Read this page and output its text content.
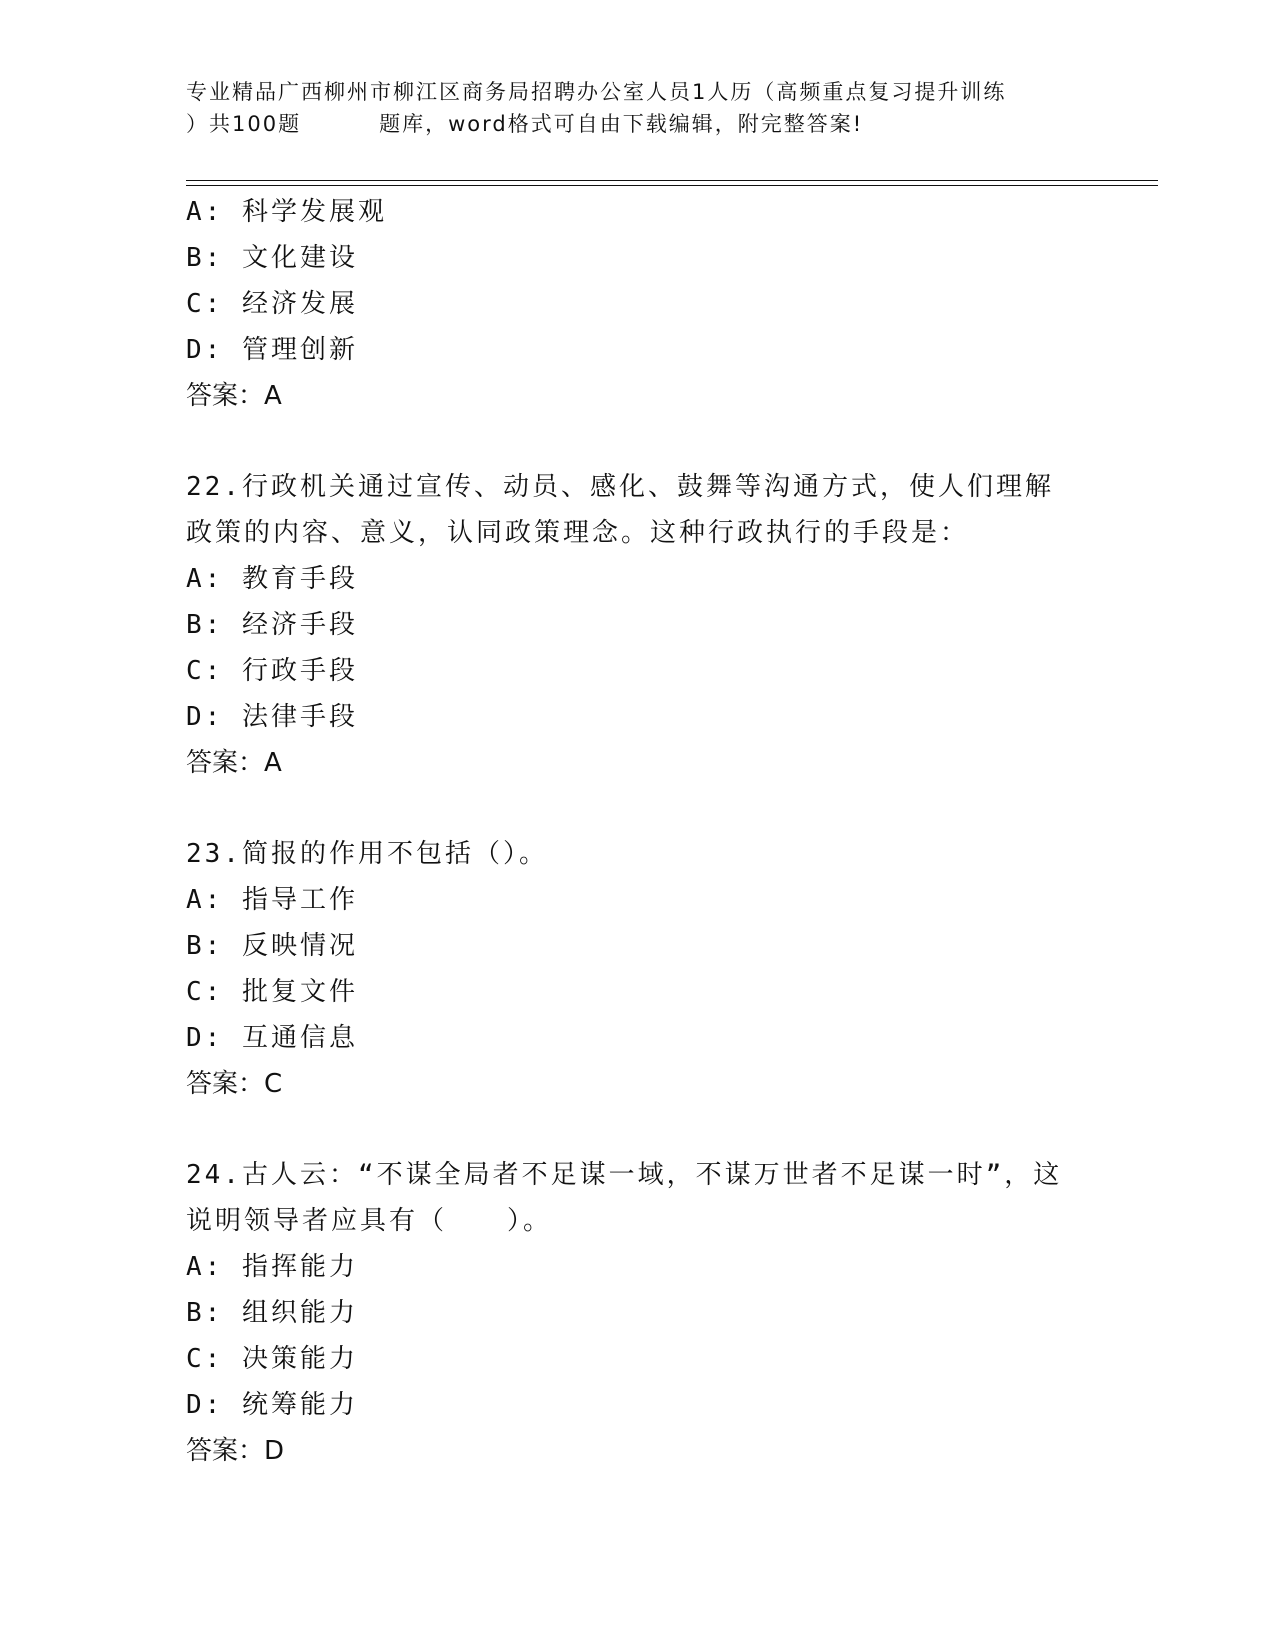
专业精品广西柳州市柳江区商务局招聘办公室人员1人历（高频重点复习提升训练
）共100题	题库，word格式可自由下载编辑，附完整答案!
A: 科学发展观
B: 文化建设
C: 经济发展
D: 管理创新
答案：A
22.行政机关通过宣传、动员、感化、鼓舞等沟通方式，使人们理解政策的内容、意义，认同政策理念。这种行政执行的手段是：
A: 教育手段
B: 经济手段
C: 行政手段
D: 法律手段
答案：A
23.简报的作用不包括（）。
A: 指导工作
B: 反映情况
C: 批复文件
D: 互通信息
答案：C
24.古人云：“不谋全局者不足谋一域，不谋万世者不足谋一时”，这说明领导者应具有（ ）。
A: 指挥能力
B: 组织能力
C: 决策能力
D: 统筹能力
答案：D
